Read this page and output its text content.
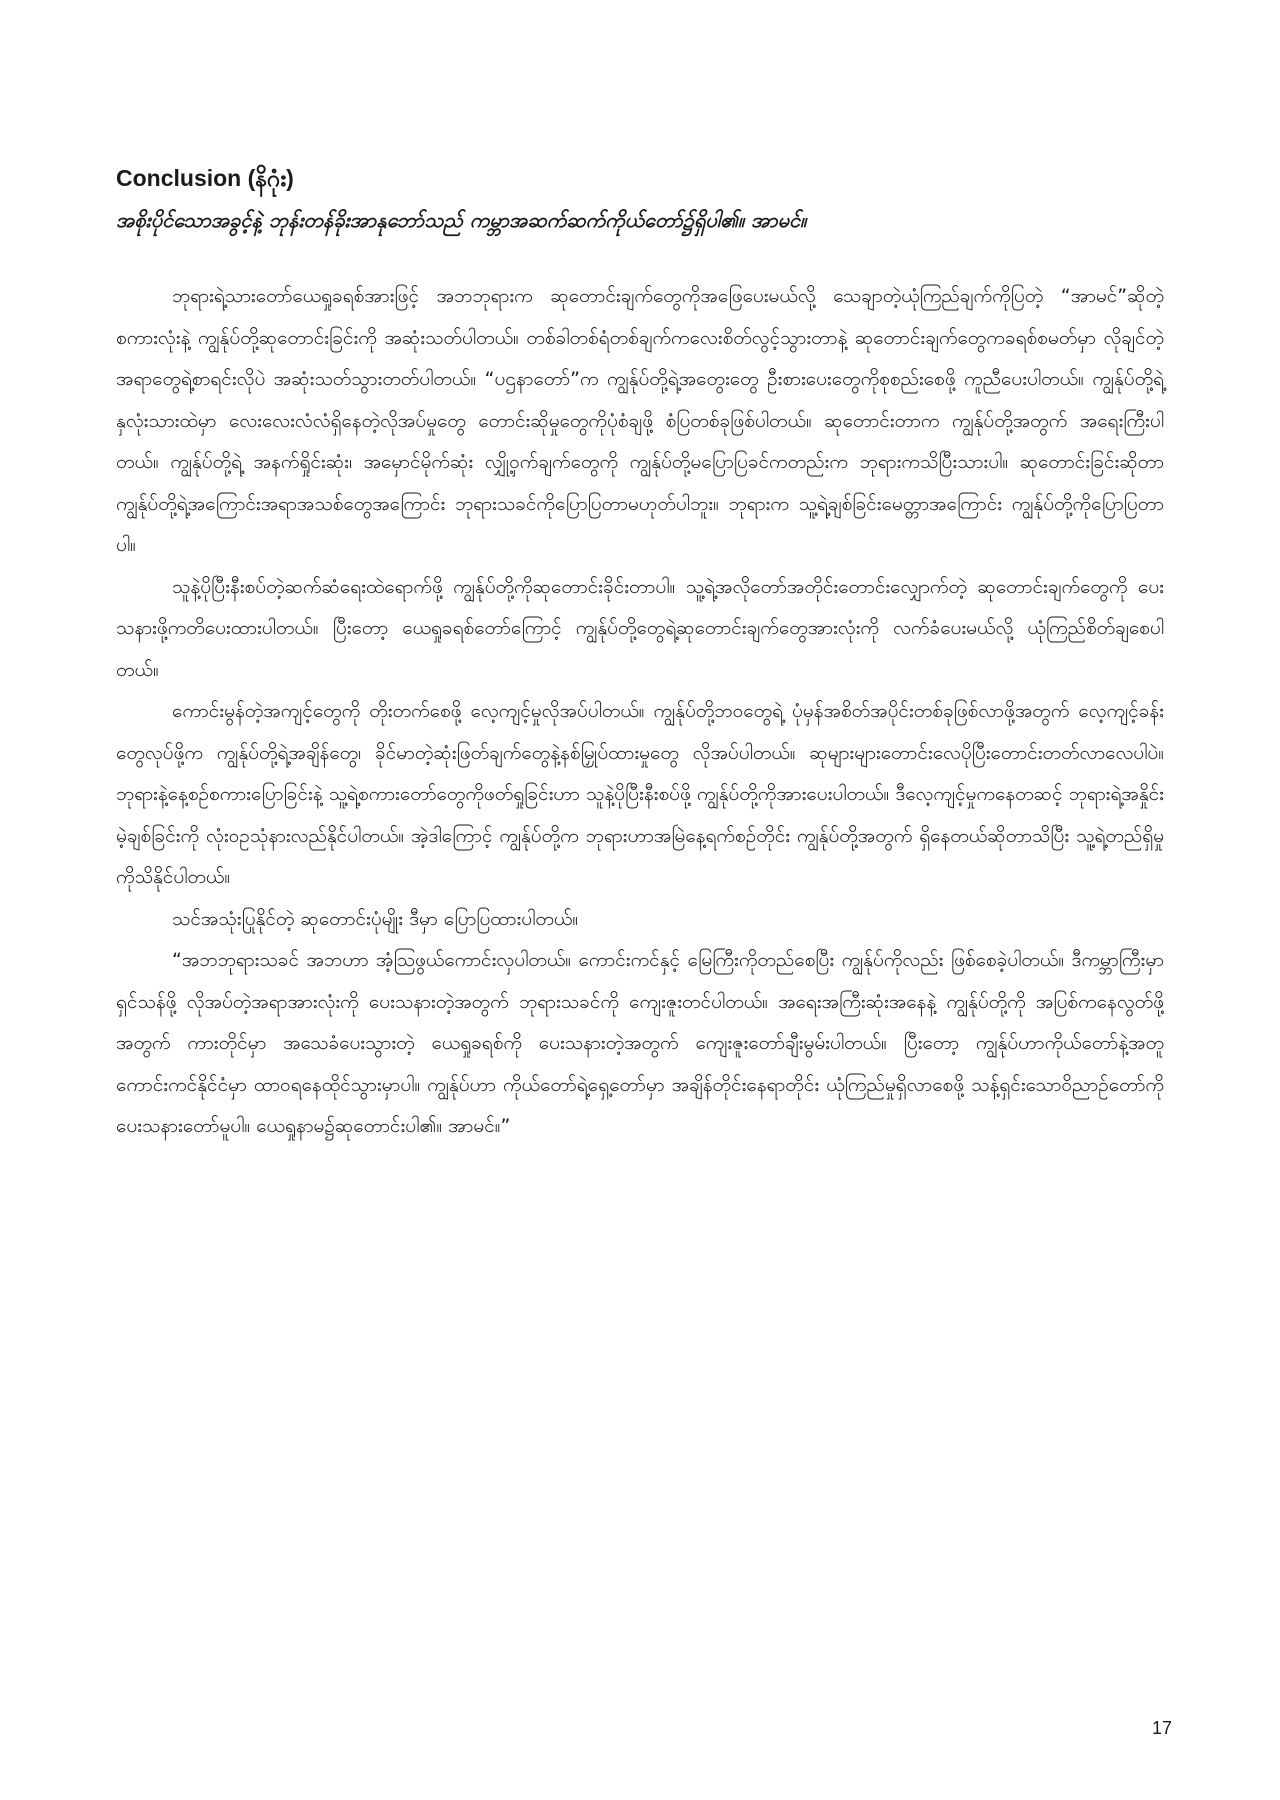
Conclusion (နိဂုံး)
အစိုးပိုင်သောအခွင့်နဲ့ ဘုန်းတန်ခိုးအာနုဘော်သည် ကမ္ဘာအဆက်ဆက်ကိုယ်တော်၌ရှိပါ၏။ အာမင်။

ဘုရားရဲ့သားတော်ယေရှုခရစ်အားဖြင့် အဘဘုရားက ဆုတောင်းချက်တွေကိုအဖြေပေးမယ်လို့ သေချာတဲ့ယုံကြည်ချက်ကိုပြတဲ့ “အာမင်”ဆိုတဲ့စကားလုံးနဲ့ ကျွန်ုပ်တို့ဆုတောင်းခြင်းကို အဆုံးသတ်ပါတယ်။ တစ်ခါတစ်ရံတစ်ချက်ကလေးစိတ်လွင့်သွားတာနဲ့ ဆုတောင်းချက်တွေကခရစ်စမတ်မှာ လိုချင်တဲ့အရာတွေရဲ့စာရင်းလိုပဲ အဆုံးသတ်သွားတတ်ပါတယ်။ “ပဌနာတော်”က ကျွန်ုပ်တို့ရဲ့အတွေးတွေ ဦးစားပေးတွေကိုစုစည်းစေဖို့ ကူညီပေးပါတယ်။ ကျွန်ုပ်တို့ရဲ့နှလုံးသားထဲမှာ လေးလေးလံလံရှိနေတဲ့လိုအပ်မှုတွေ တောင်းဆိုမှုတွေကိုပုံစံချဖို့ စံပြတစ်ခုဖြစ်ပါတယ်။ ဆုတောင်းတာက ကျွန်ုပ်တို့အတွက် အရေးကြီးပါတယ်။ ကျွန်ုပ်တို့ရဲ့ အနက်ရှိုင်းဆုံး၊ အမှောင်မိုက်ဆုံး လျှို့ဝှက်ချက်တွေကို ကျွန်ုပ်တို့မပြောပြခင်ကတည်းက ဘုရားကသိပြီးသားပါ။ ဆုတောင်းခြင်းဆိုတာ ကျွန်ုပ်တို့ရဲ့အကြောင်းအရာအသစ်တွေအကြောင်း ဘုရားသခင်ကိုပြောပြတာမဟုတ်ပါဘူး။ ဘုရားက သူ့ရဲ့ချစ်ခြင်းမေတ္တာအကြောင်း ကျွန်ုပ်တို့ကိုပြောပြတာပါ။

သူနဲ့ပိုပြီးနီးစပ်တဲ့ဆက်ဆံရေးထဲရောက်ဖို့ ကျွန်ုပ်တို့ကိုဆုတောင်းခိုင်းတာပါ။ သူ့ရဲ့အလိုတော်အတိုင်းတောင်းလျှောက်တဲ့ ဆုတောင်းချက်တွေကို ပေးသနားဖို့ကတိပေးထားပါတယ်။ ပြီးတော့ ယေရှုခရစ်တော်ကြောင့် ကျွန်ုပ်တို့တွေရဲ့ဆုတောင်းချက်တွေအားလုံးကို လက်ခံပေးမယ်လို့ ယုံကြည်စိတ်ချစေပါတယ်။

ကောင်းမွန်တဲ့အကျင့်တွေကို တိုးတက်စေဖို့ လေ့ကျင့်မှုလိုအပ်ပါတယ်။ ကျွန်ုပ်တို့ဘဝတွေရဲ့ ပုံမှန်အစိတ်အပိုင်းတစ်ခုဖြစ်လာဖို့အတွက် လေ့ကျင့်ခန်းတွေလုပ်ဖို့က ကျွန်ုပ်တို့ရဲ့အချိန်တွေ၊ ခိုင်မာတဲ့ဆုံးဖြတ်ချက်တွေနဲ့နစ်မြှုပ်ထားမှုတွေ လိုအပ်ပါတယ်။ ဆုများများတောင်းလေပိုပြီးတောင်းတတ်လာလေပါပဲ။ ဘုရားနဲ့နေ့စဉ်စကားပြောခြင်းနဲ့ သူ့ရဲ့စကားတော်တွေကိုဖတ်ရှုခြင်းဟာ သူနဲ့ပိုပြီးနီးစပ်ဖို့ ကျွန်ုပ်တို့ကိုအားပေးပါတယ်။ ဒီလေ့ကျင့်မှုကနေတဆင့် ဘုရားရဲ့အနှိုင်းမဲ့ချစ်ခြင်းကို လုံးဝဥသုံနားလည်နိုင်ပါတယ်။ အဲ့ဒါကြောင့် ကျွန်ုပ်တို့က ဘုရားဟာအမြဲနေ့ရက်စဉ်တိုင်း ကျွန်ုပ်တို့အတွက် ရှိနေတယ်ဆိုတာသိပြီး သူ့ရဲ့တည်ရှိမှုကိုသိနိုင်ပါတယ်။

သင်အသုံးပြုနိုင်တဲ့ ဆုတောင်းပုံမျိုး ဒီမှာ ပြောပြထားပါတယ်။

“အဘဘုရားသခင် အဘဟာ အံ့သြဖွယ်ကောင်းလှပါတယ်။ ကောင်းကင်နှင့် မြေကြီးကိုတည်စေပြီး ကျွန်ုပ်ကိုလည်း ဖြစ်စေခဲ့ပါတယ်။ ဒီကမ္ဘာကြီးမှာ ရှင်သန်ဖို့ လိုအပ်တဲ့အရာအားလုံးကို ပေးသနားတဲ့အတွက် ဘုရားသခင်ကို ကျေးဇူးတင်ပါတယ်။ အရေးအကြီးဆုံးအနေနဲ့ ကျွန်ုပ်တို့ကို အပြစ်ကနေလွတ်ဖို့အတွက် ကားတိုင်မှာ အသေခံပေးသွားတဲ့ ယေရှုခရစ်ကို ပေးသနားတဲ့အတွက် ကျေးဇူးတော်ချီးမွမ်းပါတယ်။ ပြီးတော့ ကျွန်ုပ်ဟာကိုယ်တော်နဲ့အတူ ကောင်းကင်နိုင်ငံမှာ ထာဝရနေထိုင်သွားမှာပါ။ ကျွန်ုပ်ဟာ ကိုယ်တော်ရဲ့ရှေ့တော်မှာ အချိန်တိုင်းနေရာတိုင်း ယုံကြည်မှုရှိလာစေဖို့ သန့်ရှင်းသောဝိညာဉ်တော်ကို ပေးသနားတော်မူပါ။ ယေရှုနာမ၌ဆုတောင်းပါ၏။ အာမင်။”

17
